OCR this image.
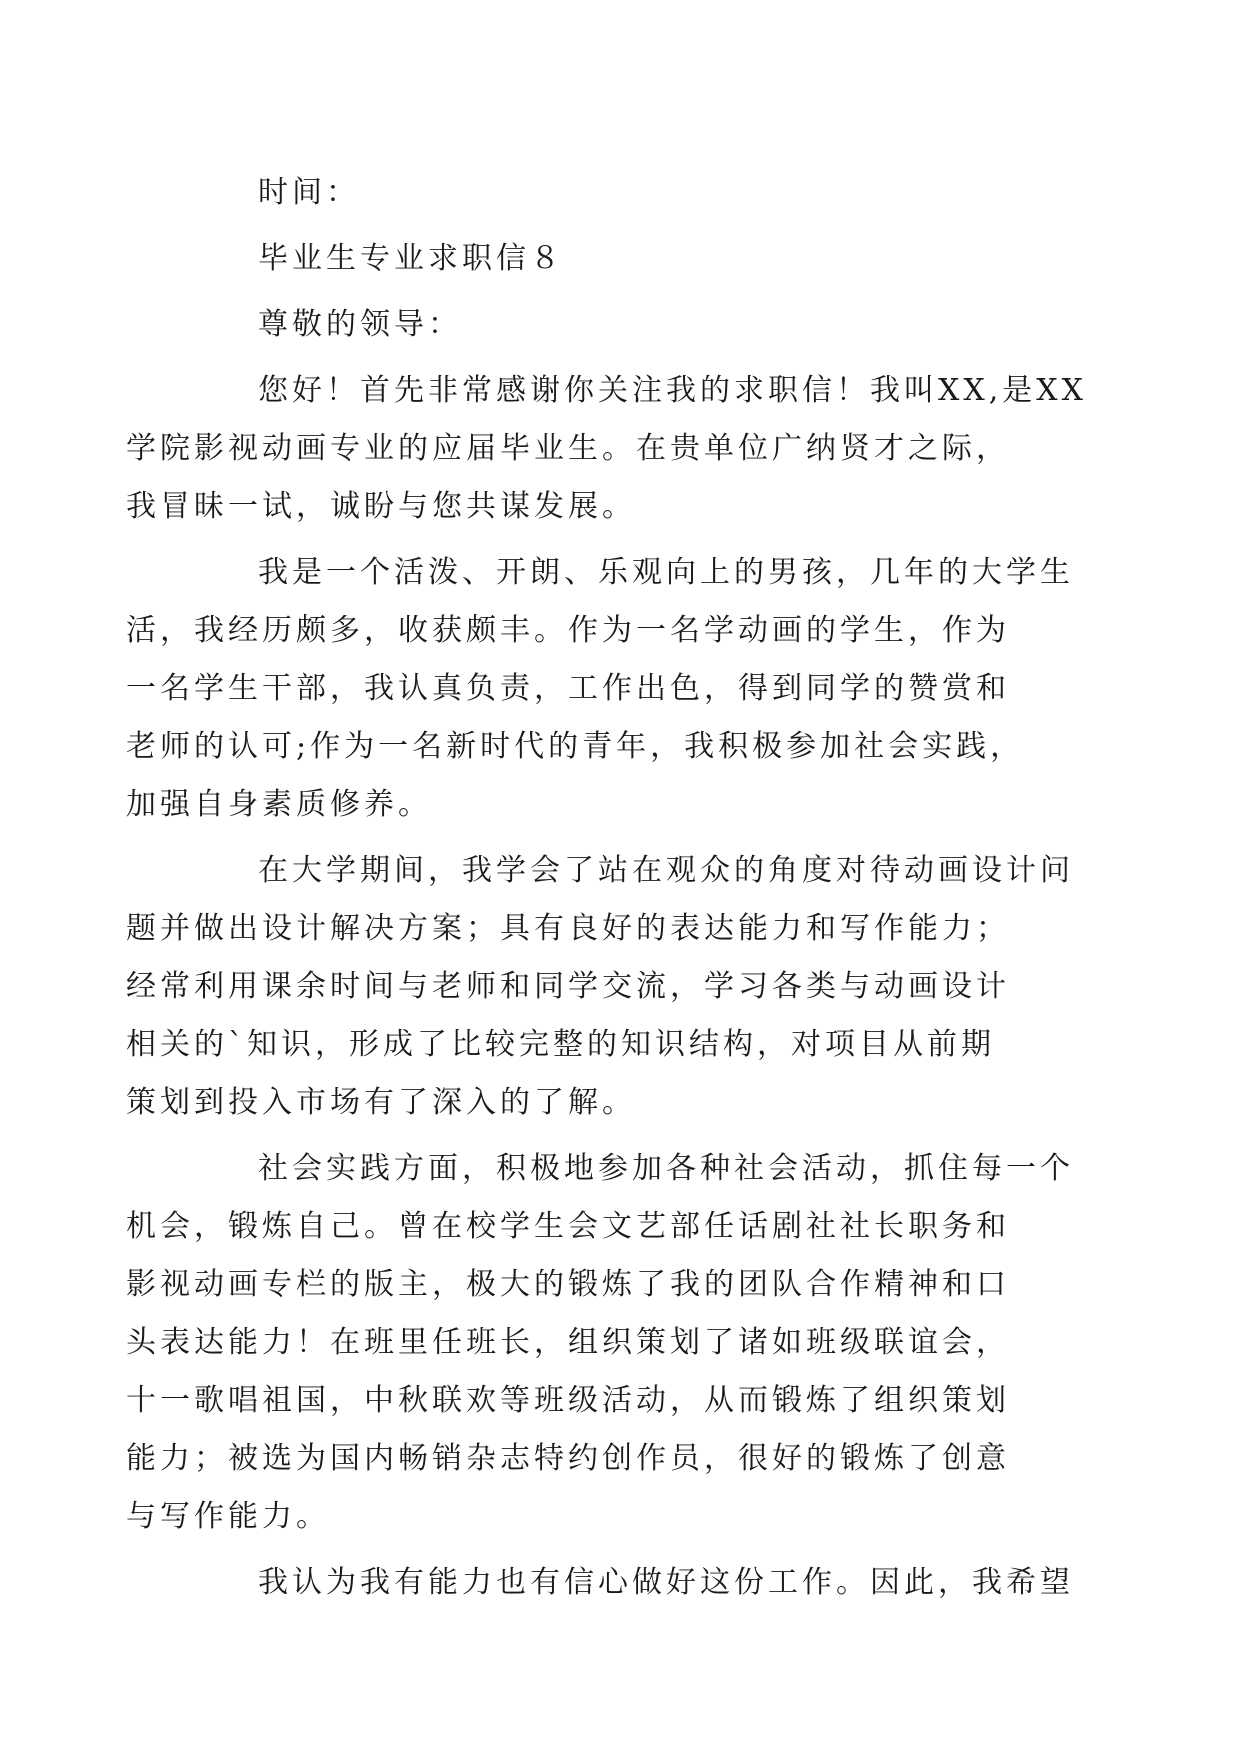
时间：

毕业生专业求职信８

尊敬的领导：

您好！首先非常感谢你关注我的求职信！我叫XX,是XX
学院影视动画专业的应届毕业生。在贵单位广纳贤才之际，
我冒昧一试，诚盼与您共谋发展。
我是一个活泼、开朗、乐观向上的男孩，几年的大学生
活，我经历颇多，收获颇丰。作为一名学动画的学生，作为
一名学生干部，我认真负责，工作出色，得到同学的赞赏和
老师的认可;作为一名新时代的青年，我积极参加社会实践，
加强自身素质修养。
在大学期间，我学会了站在观众的角度对待动画设计问
题并做出设计解决方案；具有良好的表达能力和写作能力；
经常利用课余时间与老师和同学交流，学习各类与动画设计
相关的`知识，形成了比较完整的知识结构，对项目从前期
策划到投入市场有了深入的了解。
社会实践方面，积极地参加各种社会活动，抓住每一个
机会，锻炼自己。曾在校学生会文艺部任话剧社社长职务和
影视动画专栏的版主，极大的锻炼了我的团队合作精神和口
头表达能力！在班里任班长，组织策划了诸如班级联谊会，
十一歌唱祖国，中秋联欢等班级活动，从而锻炼了组织策划
能力；被选为国内畅销杂志特约创作员，很好的锻炼了创意
与写作能力。
我认为我有能力也有信心做好这份工作。因此，我希望
